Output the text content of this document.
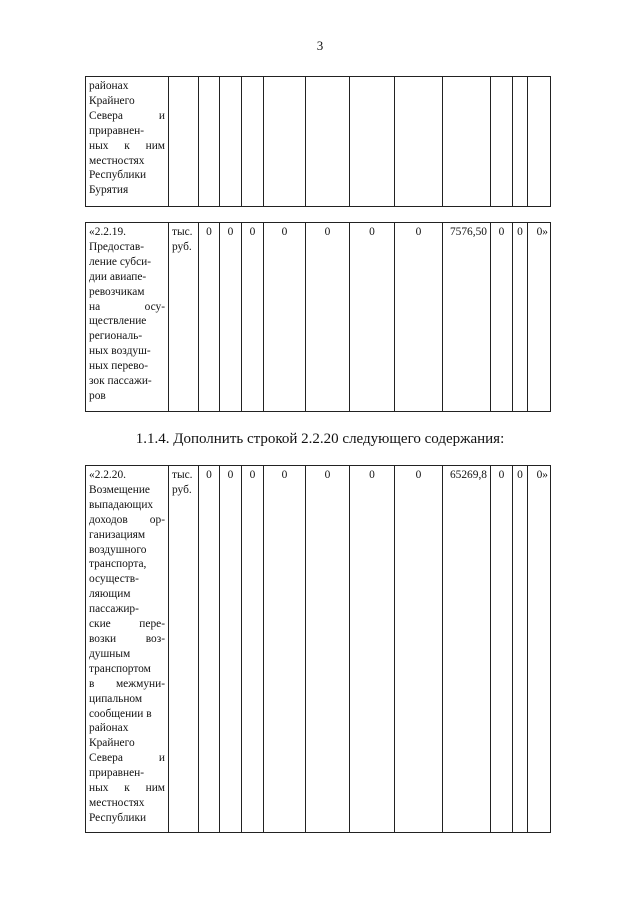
3
районах
Крайнего
Севера и
приравнен-
ных к ним
местностях
Республики
Бурятия

«2.2.19.
Предостав-
ление субси-
дии авиапе-
ревозчикам
на осу-
ществление
региональ-
ных воздуш-
ных перево-
зок пассажи-
ров
	тыс. руб.	0	0	0	0	0	0	0	7576,50	0	0	0»
1.1.4. Дополнить строкой 2.2.20 следующего содержания:
«2.2.20.
Возмещение
выпадающих
доходов ор-
ганизациям
воздушного
транспорта,
осуществ-
ляющим
пассажир-
ские пере-
возки воз-
душным
транспортом
в межмуни-
ципальном
сообщении в
районах
Крайнего
Севера и
приравнен-
ных к ним
местностях
Республики
	тыс. руб.	0	0	0	0	0	0	0	65269,8	0	0	0»
